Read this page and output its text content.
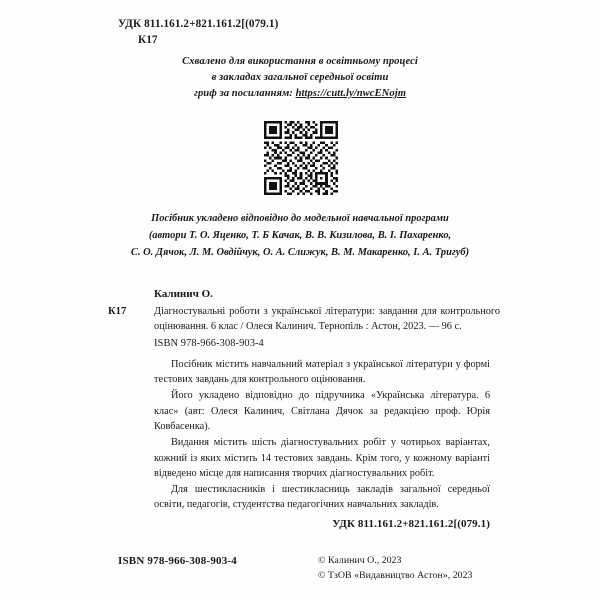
УДК 811.161.2+821.161.2[(079.1)
К17
Схвалено для використання в освітньому процесі
в закладах загальної середньої освіти
гриф за посиланням: https://cutt.ly/nwcENojm
Посібник укладено відповідно до модельної навчальної програми
(автори Т. О. Яценко, Т. Б Качак, В. В. Кизилова, В. І. Пахаренко,
С. О. Дячок, Л. М. Овдійчук, О. А. Слижук, В. М. Макаренко, І. А. Тригуб)
Калинич О.
К17	Діагностувальні роботи з української літератури: завдання для контрольного оцінювання. 6 клас / Олеся Калинич. Тернопіль : Астон, 2023. — 96 с.
ISBN 978-966-308-903-4

Посібник містить навчальний матеріал з української літератури у формі тестових завдань для контрольного оцінювання.

Його укладено відповідно до підручника «Українська література. 6 клас» (авт: Олеся Калинич, Світлана Дячок за редакцією проф. Юрія Ковбасенка).

Видання містить шість діагностувальних робіт у чотирьох варіантах, кожний із яких містить 14 тестових завдань. Крім того, у кожному варіанті відведено місце для написання творчих діагностувальних робіт.

Для шестикласників і шестикласниць закладів загальної середньої освіти, педагогів, студентства педагогічних навчальних закладів.

УДК 811.161.2+821.161.2[(079.1)
ISBN 978-966-308-903-4	© Калинич О., 2023
© ТзОВ «Видавництво Астон», 2023
